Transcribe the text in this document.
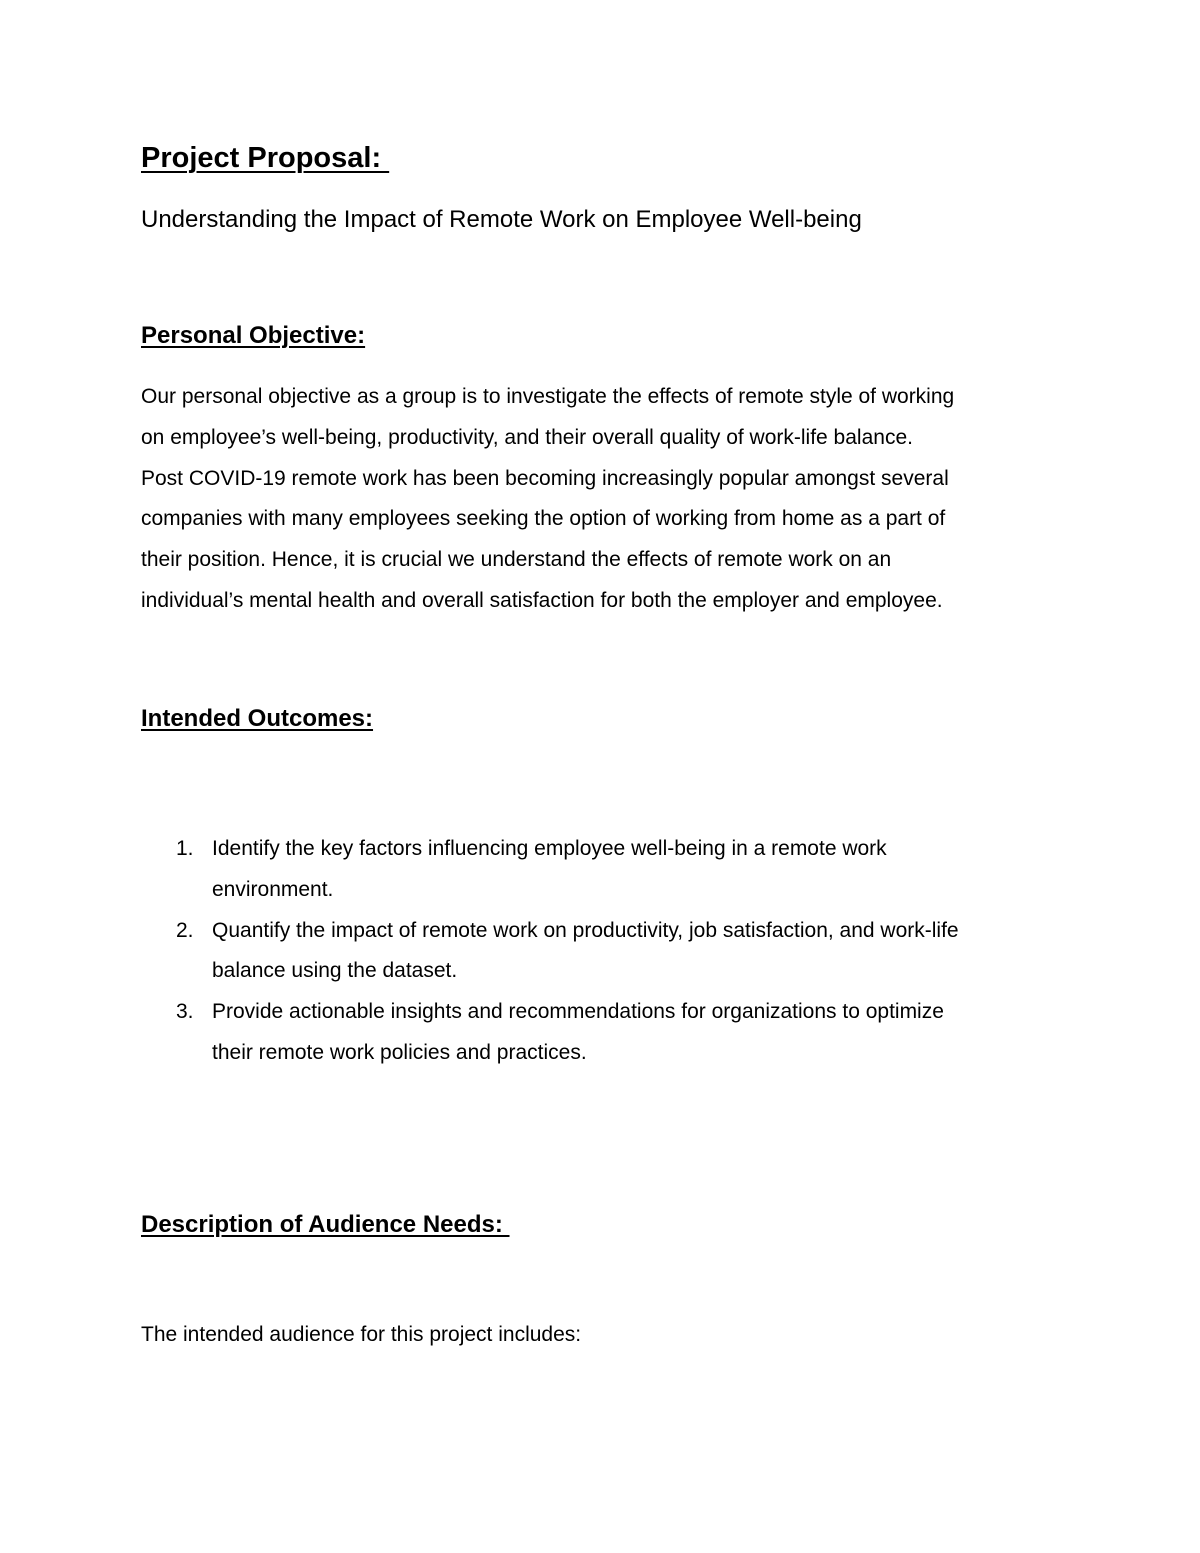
Project Proposal:
Understanding the Impact of Remote Work on Employee Well-being
Personal Objective:
Our personal objective as a group is to investigate the effects of remote style of working
on employee’s well-being, productivity, and their overall quality of work-life balance.
Post COVID-19 remote work has been becoming increasingly popular amongst several
companies with many employees seeking the option of working from home as a part of
their position. Hence, it is crucial we understand the effects of remote work on an
individual’s mental health and overall satisfaction for both the employer and employee.
Intended Outcomes:
1. Identify the key factors influencing employee well-being in a remote work
environment.
2. Quantify the impact of remote work on productivity, job satisfaction, and work-life
balance using the dataset.
3. Provide actionable insights and recommendations for organizations to optimize
their remote work policies and practices.
Description of Audience Needs:
The intended audience for this project includes:
